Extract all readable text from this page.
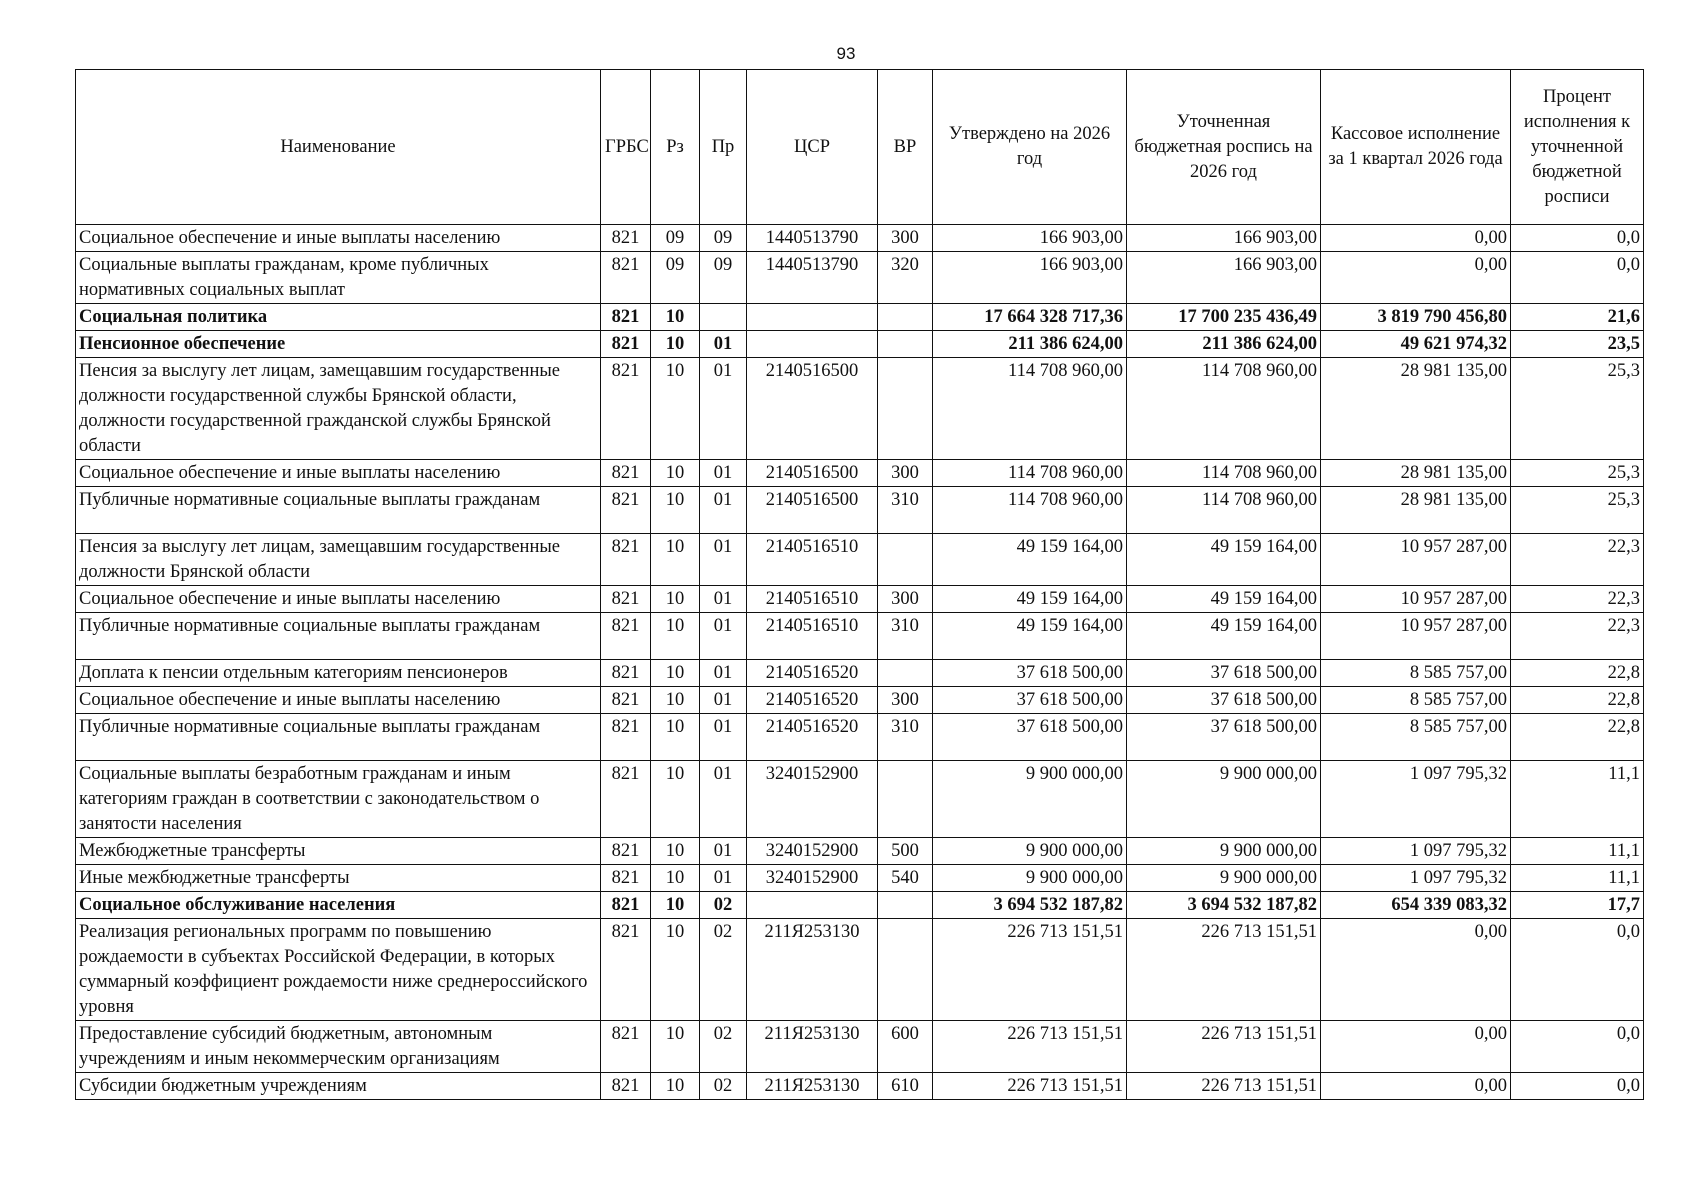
93
Наименование	ГРБС	Рз	Пр	ЦСР	ВР	Утверждено на 2026 год	Уточненная бюджетная роспись на 2026 год	Кассовое исполнение за 1 квартал 2026 года	Процент исполнения к уточненной бюджетной росписи
Социальное обеспечение и иные выплаты населению	821	09	09	1440513790	300	166 903,00	166 903,00	0,00	0,0
Социальные выплаты гражданам, кроме публичных нормативных социальных выплат	821	09	09	1440513790	320	166 903,00	166 903,00	0,00	0,0
Социальная политика	821	10				17 664 328 717,36	17 700 235 436,49	3 819 790 456,80	21,6
Пенсионное обеспечение	821	10	01			211 386 624,00	211 386 624,00	49 621 974,32	23,5
Пенсия за выслугу лет лицам, замещавшим государственные должности государственной службы Брянской области, должности государственной гражданской службы Брянской области	821	10	01	2140516500		114 708 960,00	114 708 960,00	28 981 135,00	25,3
Социальное обеспечение и иные выплаты населению	821	10	01	2140516500	300	114 708 960,00	114 708 960,00	28 981 135,00	25,3
Публичные нормативные социальные выплаты гражданам	821	10	01	2140516500	310	114 708 960,00	114 708 960,00	28 981 135,00	25,3
Пенсия за выслугу лет лицам, замещавшим государственные должности Брянской области	821	10	01	2140516510		49 159 164,00	49 159 164,00	10 957 287,00	22,3
Социальное обеспечение и иные выплаты населению	821	10	01	2140516510	300	49 159 164,00	49 159 164,00	10 957 287,00	22,3
Публичные нормативные социальные выплаты гражданам	821	10	01	2140516510	310	49 159 164,00	49 159 164,00	10 957 287,00	22,3
Доплата к пенсии отдельным категориям пенсионеров	821	10	01	2140516520		37 618 500,00	37 618 500,00	8 585 757,00	22,8
Социальное обеспечение и иные выплаты населению	821	10	01	2140516520	300	37 618 500,00	37 618 500,00	8 585 757,00	22,8
Публичные нормативные социальные выплаты гражданам	821	10	01	2140516520	310	37 618 500,00	37 618 500,00	8 585 757,00	22,8
Социальные выплаты безработным гражданам и иным категориям граждан в соответствии с законодательством о занятости населения	821	10	01	3240152900		9 900 000,00	9 900 000,00	1 097 795,32	11,1
Межбюджетные трансферты	821	10	01	3240152900	500	9 900 000,00	9 900 000,00	1 097 795,32	11,1
Иные межбюджетные трансферты	821	10	01	3240152900	540	9 900 000,00	9 900 000,00	1 097 795,32	11,1
Социальное обслуживание населения	821	10	02			3 694 532 187,82	3 694 532 187,82	654 339 083,32	17,7
Реализация региональных программ по повышению рождаемости в субъектах Российской Федерации, в которых суммарный коэффициент рождаемости ниже среднероссийского уровня	821	10	02	211Я253130		226 713 151,51	226 713 151,51	0,00	0,0
Предоставление субсидий бюджетным, автономным учреждениям и иным некоммерческим организациям	821	10	02	211Я253130	600	226 713 151,51	226 713 151,51	0,00	0,0
Субсидии бюджетным учреждениям	821	10	02	211Я253130	610	226 713 151,51	226 713 151,51	0,00	0,0
